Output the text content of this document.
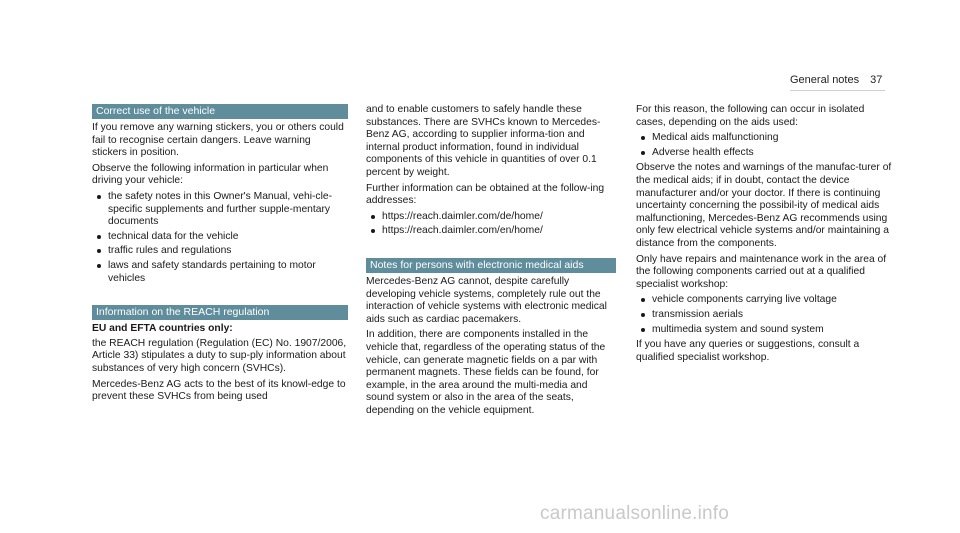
General notes 37
Correct use of the vehicle

If you remove any warning stickers, you or others could fail to recognise certain dangers. Leave warning stickers in position.

Observe the following information in particular when driving your vehicle:

the safety notes in this Owner's Manual, vehi-cle-specific supplements and further supple-mentary documents
technical data for the vehicle
traffic rules and regulations
laws and safety standards pertaining to motor vehicles
Information on the REACH regulation

EU and EFTA countries only:

the REACH regulation (Regulation (EC) No. 1907/2006, Article 33) stipulates a duty to sup-ply information about substances of very high concern (SVHCs).

Mercedes-Benz AG acts to the best of its knowl-edge to prevent these SVHCs from being used

and to enable customers to safely handle these substances. There are SVHCs known to Mercedes-Benz AG, according to supplier informa-tion and internal product information, found in individual components of this vehicle in quantities of over 0.1 percent by weight.

Further information can be obtained at the follow-ing addresses:

https://reach.daimler.com/de/home/
https://reach.daimler.com/en/home/
Notes for persons with electronic medical aids

Mercedes-Benz AG cannot, despite carefully developing vehicle systems, completely rule out the interaction of vehicle systems with electronic medical aids such as cardiac pacemakers.

In addition, there are components installed in the vehicle that, regardless of the operating status of the vehicle, can generate magnetic fields on a par with permanent magnets. These fields can be found, for example, in the area around the multi-media and sound system or also in the area of the seats, depending on the vehicle equipment.

For this reason, the following can occur in isolated cases, depending on the aids used:

Medical aids malfunctioning
Adverse health effects

Observe the notes and warnings of the manufac-turer of the medical aids; if in doubt, contact the device manufacturer and/or your doctor. If there is continuing uncertainty concerning the possibil-ity of medical aids malfunctioning, Mercedes-Benz AG recommends using only few electrical vehicle systems and/or maintaining a distance from the components.

Only have repairs and maintenance work in the area of the following components carried out at a qualified specialist workshop:

vehicle components carrying live voltage
transmission aerials
multimedia system and sound system

If you have any queries or suggestions, consult a qualified specialist workshop.

carmanualsonline.info
